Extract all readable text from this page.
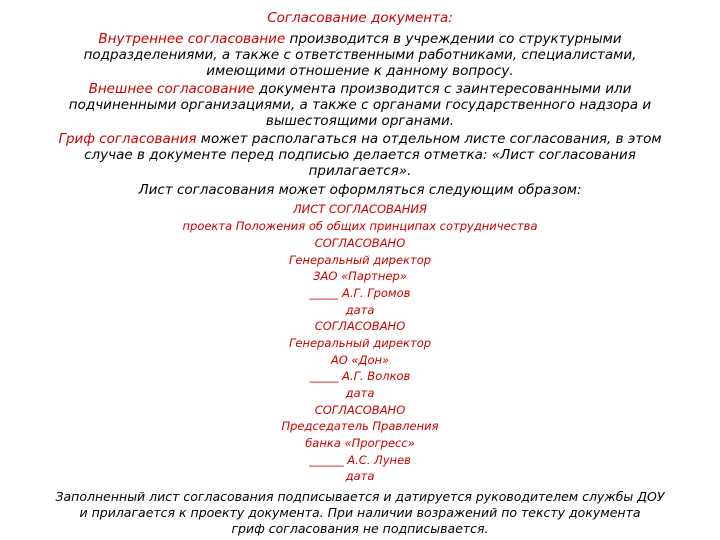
Согласование документа:
Внутреннее согласование производится в учреждении со структурными
подразделениями, а также с ответственными работниками, специалистами,
имеющими отношение к данному вопросу.
Внешнее согласование документа производится с заинтересованными или
подчиненными организациями, а также с органами государственного надзора и
вышестоящими органами.
Гриф согласования может располагаться на отдельном листе согласования, в этом
случае в документе перед подписью делается отметка: «Лист согласования
прилагается».
Лист согласования может оформляться следующим образом:
ЛИСТ СОГЛАСОВАНИЯ
проекта Положения об общих принципах сотрудничества
СОГЛАСОВАНО
Генеральный директор
ЗАО «Партнер»
_____ А.Г. Громов
дата
СОГЛАСОВАНО
Генеральный директор
АО «Дон»
_____ А.Г. Волков
дата
СОГЛАСОВАНО
Председатель Правления
банка «Прогресс»
______ А.С. Лунев
дата
Заполненный лист согласования подписывается и датируется руководителем службы ДОУ
и прилагается к проекту документа. При наличии возражений по тексту документа
гриф согласования не подписывается.
